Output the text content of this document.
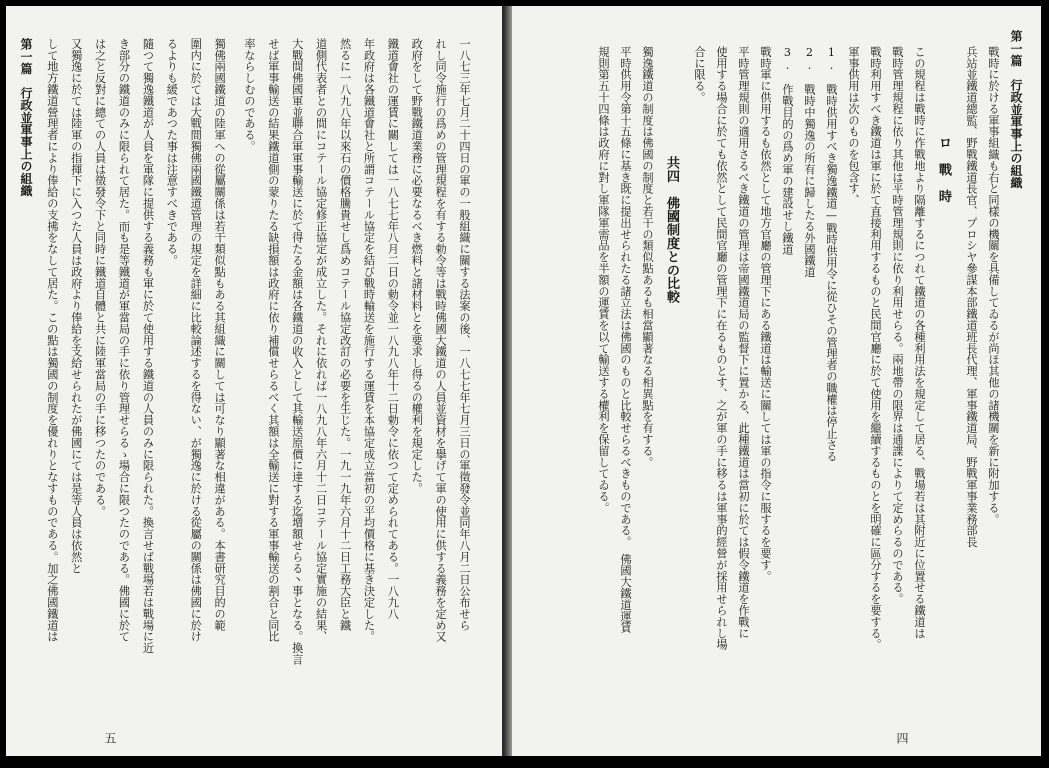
第一篇　行政並軍事上の組織
戰時に於ける軍事組織も右と同樣の機關を具備してゐるが尚ほ其他の諸機關を新に附加する。
兵站並鐵道總監、野戰鐵道長官、プロシヤ參謀本部鐵道班長代理、軍事鐵道局、野戰軍事業務部長
ロ　戰　時
この規程は戰時に作戰地より隔離するにつれて鐵道の各種利用法を規定して居る、戰場若は其附近に位置せる鐵道は
戰時管理規程に依り其他は平時管理規則に依り利用せらる。兩地帶の限界は通諜によりて定めらるのである。
戰時利用すべき鐵道は軍に於て直接利用するものと民間官廳に於て使用を繼續するものとを明確に區分するを要する。
軍事供用は次のものを包含す、
1.　戰時供用すべき獨逸鐵道—戰時供用令に從ひその管理者の職權は停止さる
2.　戰時中獨逸の所有に歸したる外國鐵道
3.　作戰目的の爲め軍の建設せし鐵道
戰時軍に供用するも依然として地方官廳の管理下にある鐵道は輸送に關しては軍の指令に服するを要す。
平時管理規則の適用さるべき鐵道の管理は帝國鐵道局の監督下に置かる、此種鐵道は當初に於ては假令鐵道を作戰に
使用する場合に於ても依然として民間官廳の管理下に在るものとす、之が軍の手に移るは軍事的經營が採用せられし場
合に限る。
共四　佛國制度との比較
獨逸鐵道の制度は佛國の制度と若干の類似點あるも相當顯著なる相異點を有する。
平時供用令第十五條に基き既に提出せられたる諸立法は佛國のものと比較せらるべきものである。　佛國大鐵道運賃
規則第五十四條は政府に對し軍隊軍需品を半額の運賃を以て輸送する權利を保留してゐる。
四
一八七三年七月二十四日の軍の一般組織に關する法案の後、一八七七年七月三日の軍徵發令並同年八月二日公布せら
れし同令施行の爲めの管理規程を有する勅令等は戰時佛國大鐵道の人員並資材を擧げて軍の使用に供する義務を定め又
政府をして野戰鐵道業務に必要なるべき燃料と諸材料とを要求し得るの權利を規定した。
鐵道會社の運賃に關しては一八七七年八月二日の勅令並一八九八年十二日勅令に依つて定められてある。一八九八
年政府は各鐵道會社と所謂コテール協定を結び戰時輸送を施行する運賃を本協定成立當初の平均價格に基き決定した。
然るに一八九八年以來石の價格騰貴せし爲めコテール協定改訂の必要を生じた。一九一九年六月十二日工務大臣と鐵
道側代表者との間にコテール協定修正協定が成立した。それに依れば一八九八年六月十二日コテール協定實施の結果、
大戰間佛國軍並聯合軍軍事輸送に於て得たる金額は各鐵道の收入として其輸送原價に達する迄增額せらる丶事となる。換言
せば軍事輸送の結果鐵道側の蒙りたる缺損額は政府に依り補償せらるべく其額は全輸送に對する軍事輸送の割合と同比
率ならしむのである。
獨佛兩國鐵道の陸軍への從屬關係は若干類似點もある其組織に關しては可なり顯著な相違がある。本書研究目的の範
圍内に於ては大戰間獨佛兩國鐵道管理の規定を詳細に比較論述するを得ない、が獨逸に於ける從屬の關係は佛國に於け
るよりも緩であつた事は注意すべきである。
隨つて獨逸鐵道が人員を軍隊に提供する義務も軍に於て使用する鐵道の人員のみに限られた。換言せば戰場若は戰場に近
き部分の鐵道のみに限られて居た。而も是等鐵道が軍當局の手に依り管理せらるゝ場合に限つたのである。佛國に於て
は之と反對に總ての人員は徵發令下と同時に鐵道自體と共に陸軍當局の手に移つたのである。
又獨逸に於ては陸軍の指揮下に入つた人員は政府より俸給を支給せられたが佛國にては是等人員は依然と
して地方鐵道營理者により俸給の支拂をなして居た。この點は獨國の制度を優れりとなすものである。加之佛國鐵道は
第一篇　行政並軍事上の組織
五
